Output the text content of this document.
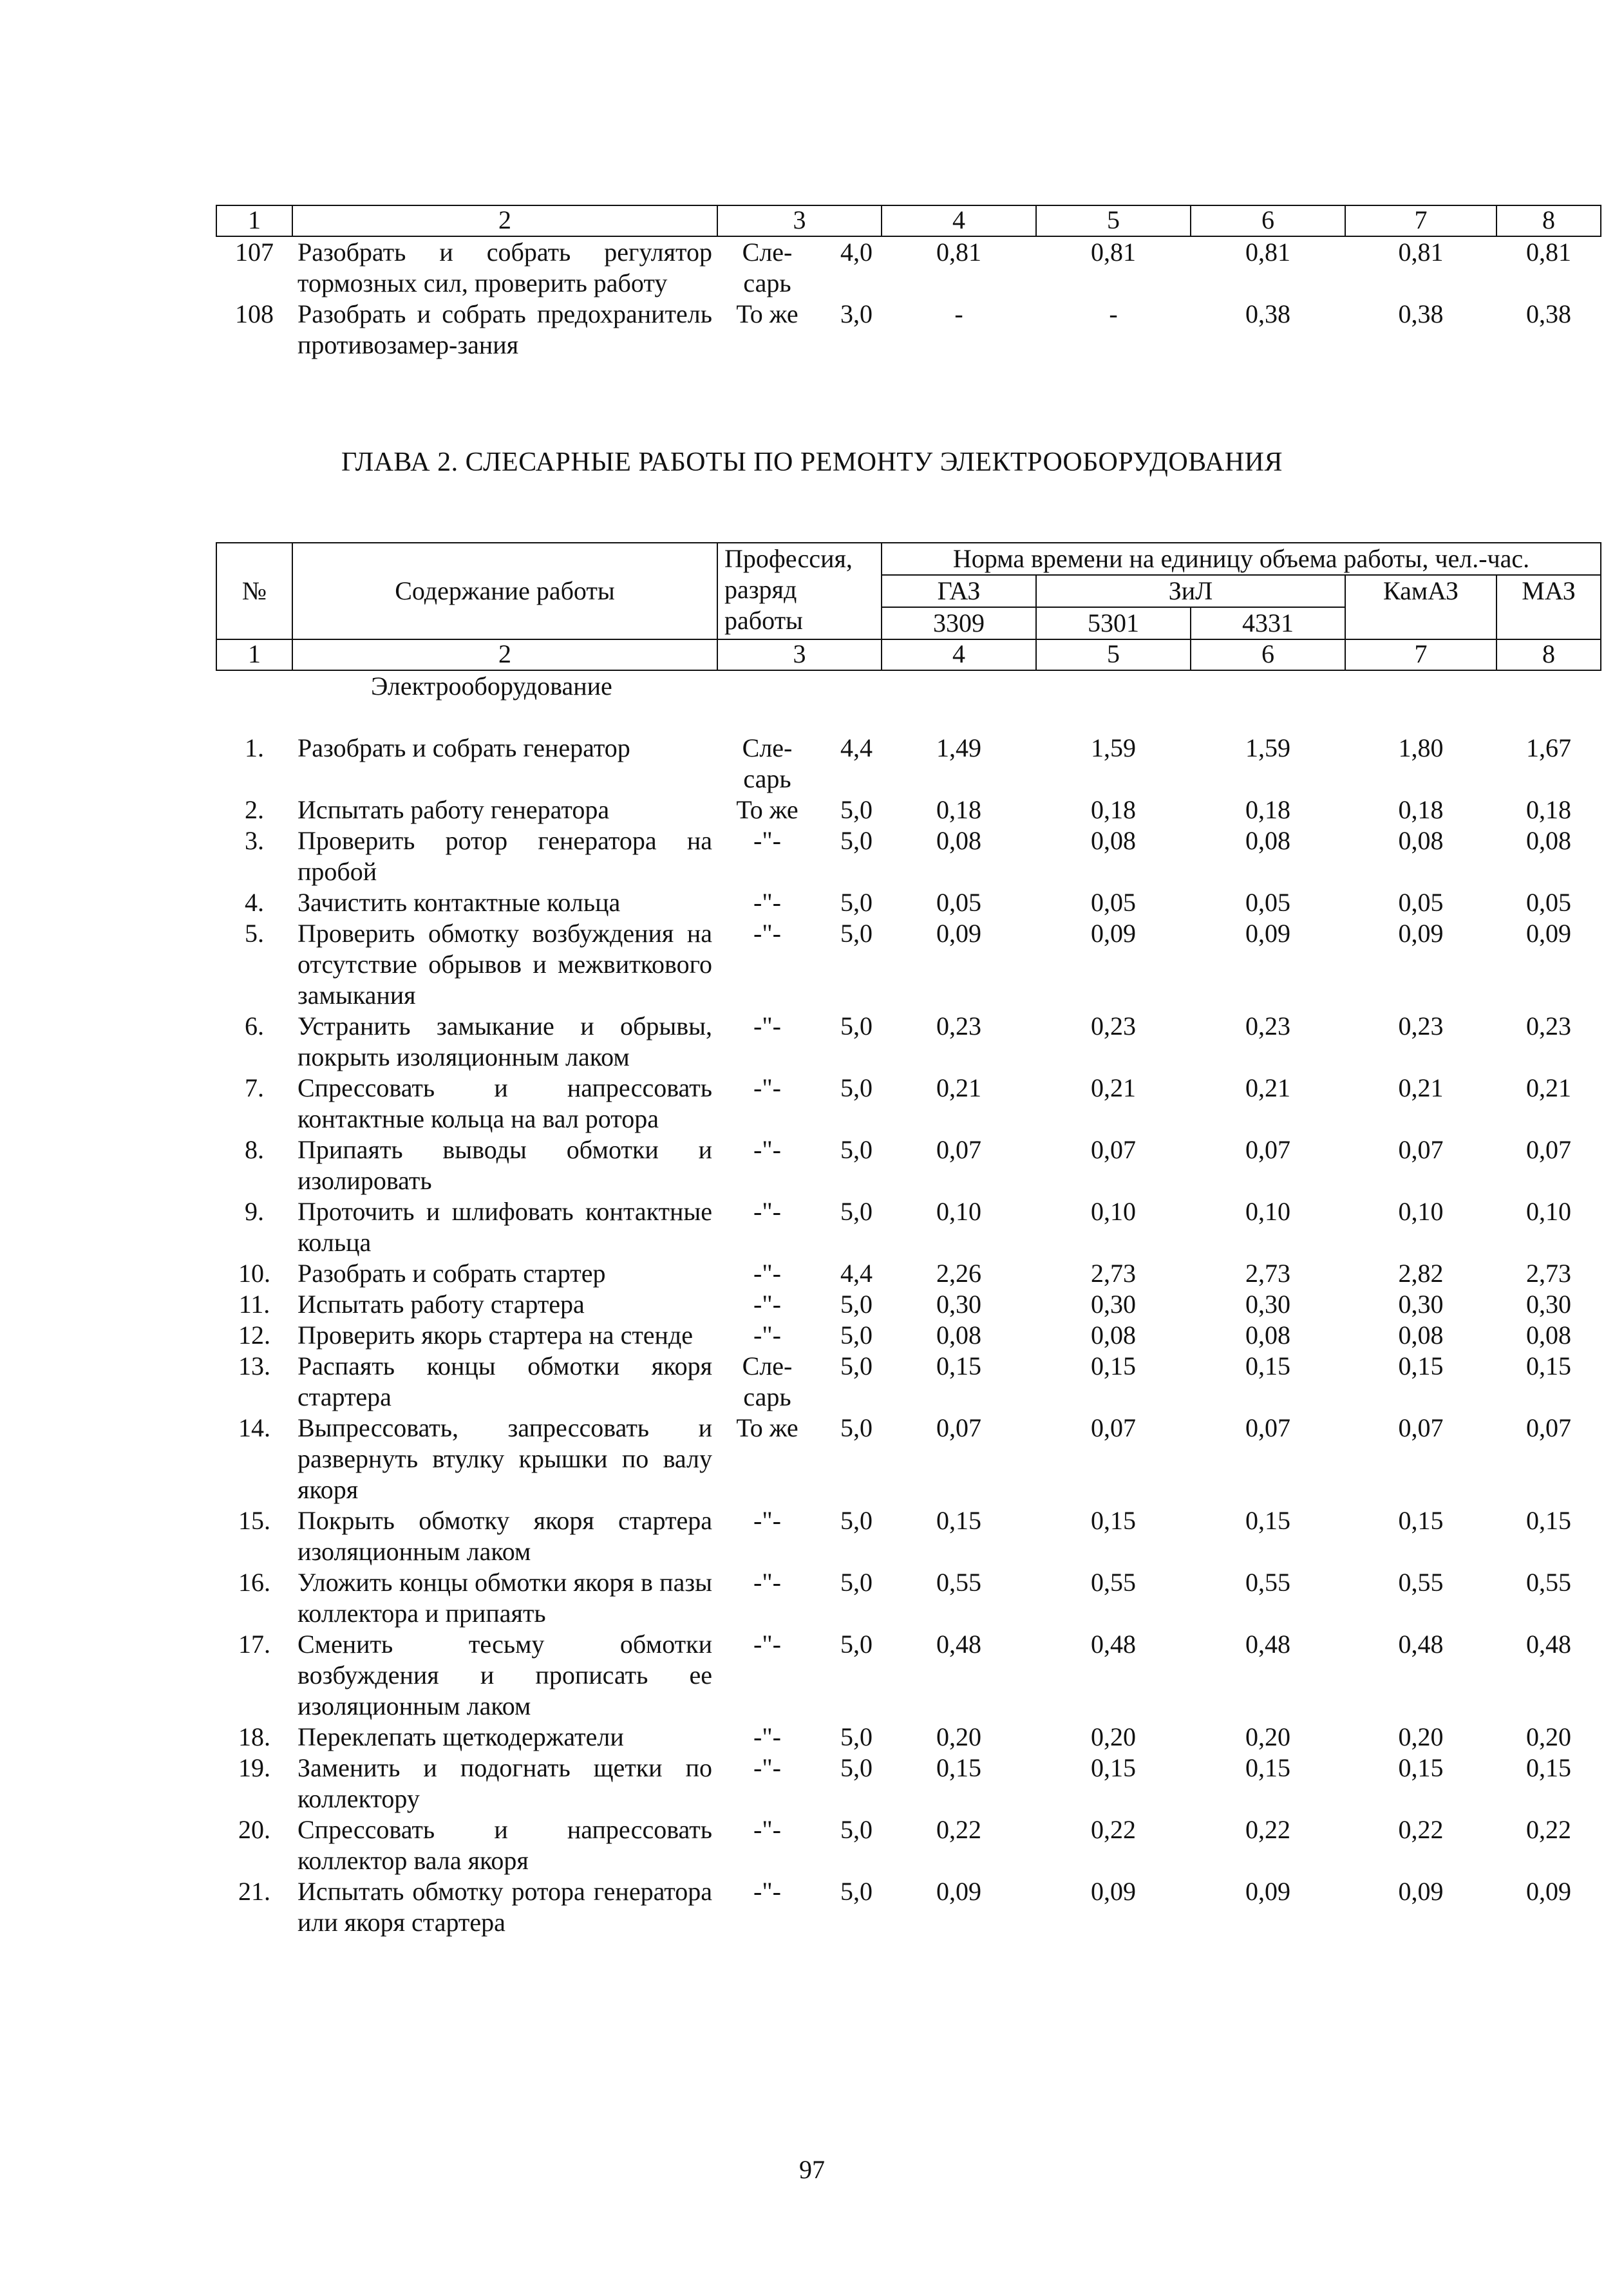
1	2	3		4	5	6	7	8
107	Разобрать и собрать регулятор тормозных сил, проверить работу	Сле-сарь	4,0	0,81	0,81	0,81	0,81	0,81
108	Разобрать и собрать предохранитель противозамер-зания	То же	3,0	-	-	0,38	0,38	0,38
ГЛАВА 2. СЛЕСАРНЫЕ РАБОТЫ ПО РЕМОНТУ ЭЛЕКТРООБОРУДОВАНИЯ
№	Содержание работы	Профессия, разряд работы		Норма времени на единицу объема работы, чел.-час.				
				ГАЗ	ЗиЛ		КамАЗ	МАЗ
				3309	5301	4331		
1	2	3		4	5	6	7	8
Электрооборудование								
1.	Разобрать и собрать генератор	Сле-сарь	4,4	1,49	1,59	1,59	1,80	1,67
2.	Испытать работу генератора	То же	5,0	0,18	0,18	0,18	0,18	0,18
3.	Проверить ротор генератора на пробой	-"-	5,0	0,08	0,08	0,08	0,08	0,08
4.	Зачистить контактные кольца	-"-	5,0	0,05	0,05	0,05	0,05	0,05
5.	Проверить обмотку возбуждения на отсутствие обрывов и межвиткового замыкания	-"-	5,0	0,09	0,09	0,09	0,09	0,09
6.	Устранить замыкание и обрывы, покрыть изоляционным лаком	-"-	5,0	0,23	0,23	0,23	0,23	0,23
7.	Спрессовать и напрессовать контактные кольца на вал ротора	-"-	5,0	0,21	0,21	0,21	0,21	0,21
8.	Припаять выводы обмотки и изолировать	-"-	5,0	0,07	0,07	0,07	0,07	0,07
9.	Проточить и шлифовать контактные кольца	-"-	5,0	0,10	0,10	0,10	0,10	0,10
10.	Разобрать и собрать стартер	-"-	4,4	2,26	2,73	2,73	2,82	2,73
11.	Испытать работу стартера	-"-	5,0	0,30	0,30	0,30	0,30	0,30
12.	Проверить якорь стартера на стенде	-"-	5,0	0,08	0,08	0,08	0,08	0,08
13.	Распаять концы обмотки якоря стартера	Сле-сарь	5,0	0,15	0,15	0,15	0,15	0,15
14.	Выпрессовать, запрессовать и развернуть втулку крышки по валу якоря	То же	5,0	0,07	0,07	0,07	0,07	0,07
15.	Покрыть обмотку якоря стартера изоляционным лаком	-"-	5,0	0,15	0,15	0,15	0,15	0,15
16.	Уложить концы обмотки якоря в пазы коллектора и припаять	-"-	5,0	0,55	0,55	0,55	0,55	0,55
17.	Сменить тесьму обмотки возбуждения и прописать ее изоляционным лаком	-"-	5,0	0,48	0,48	0,48	0,48	0,48
18.	Переклепать щеткодержатели	-"-	5,0	0,20	0,20	0,20	0,20	0,20
19.	Заменить и подогнать щетки по коллектору	-"-	5,0	0,15	0,15	0,15	0,15	0,15
20.	Спрессовать и напрессовать коллектор вала якоря	-"-	5,0	0,22	0,22	0,22	0,22	0,22
21.	Испытать обмотку ротора генератора или якоря стартера	-"-	5,0	0,09	0,09	0,09	0,09	0,09
97
